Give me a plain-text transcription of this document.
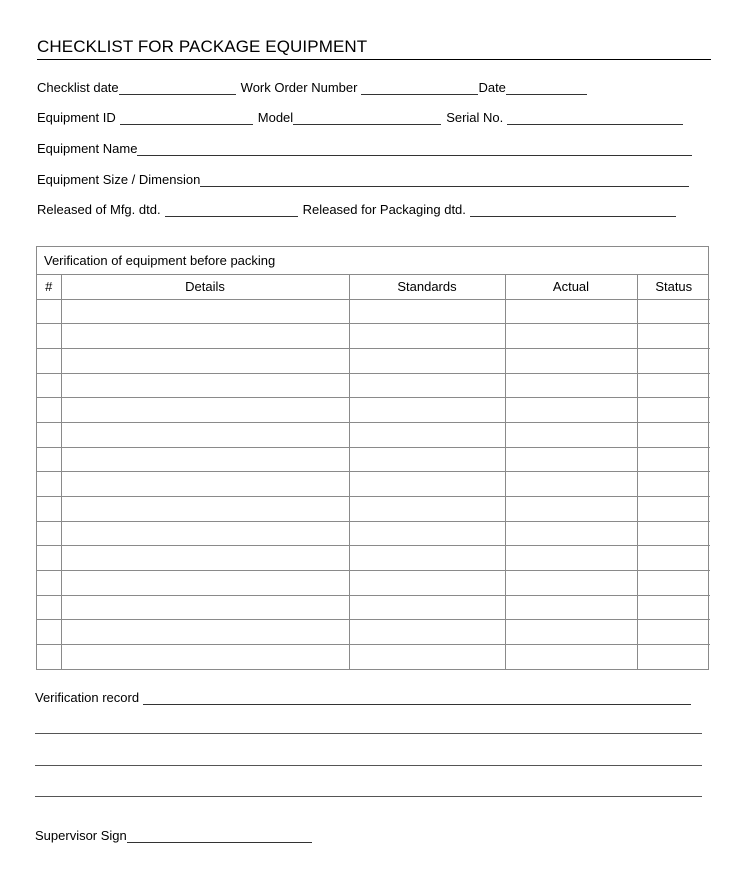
CHECKLIST FOR PACKAGE EQUIPMENT
Checklist date	Work Order Number	Date
Equipment ID	Model	Serial No.
Equipment Name
Equipment Size / Dimension
Released of Mfg. dtd.	Released for Packaging dtd.
Verification of equipment before packing
#	Details	Standards	Actual	Status

Verification record
Supervisor Sign
